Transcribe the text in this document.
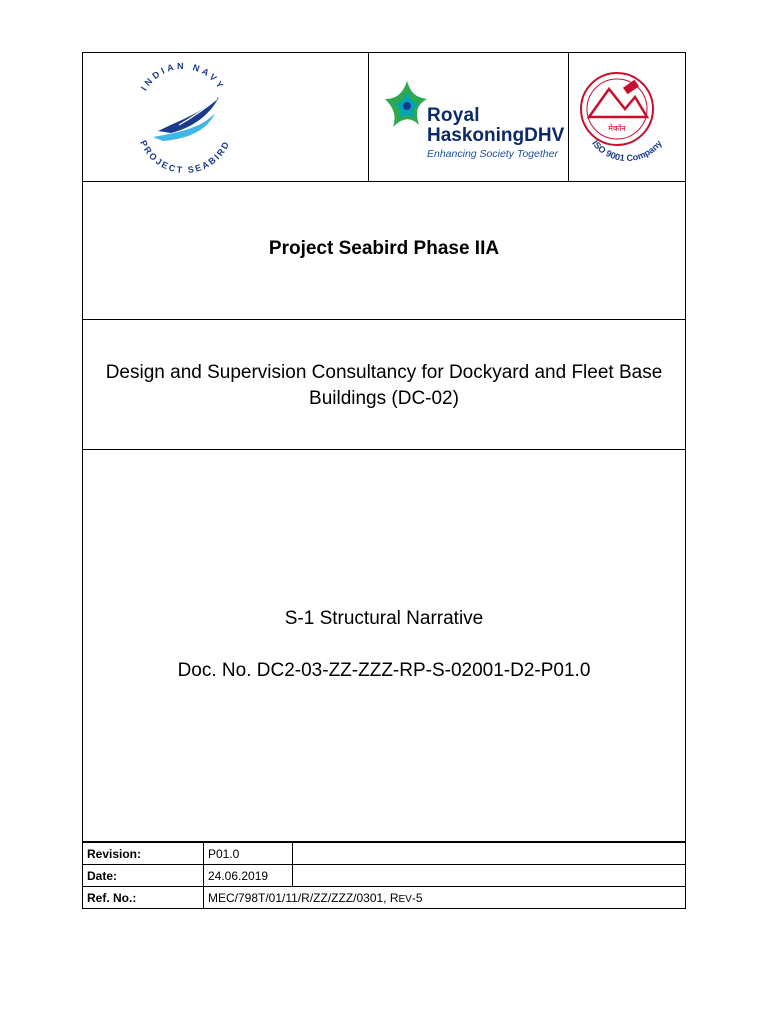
INDIAN NAVY
PROJECT SEABIRD
Royal
HaskoningDHV
Enhancing Society Together
मेकॉन
ISO 9001 Company
Project Seabird Phase IIA
Design and Supervision Consultancy for Dockyard and Fleet Base Buildings (DC-02)
S-1 Structural Narrative
Doc. No. DC2-03-ZZ-ZZZ-RP-S-02001-D2-P01.0
Revision:	P01.0	
Date:	24.06.2019	
Ref. No.:	MEC/798T/01/11/R/ZZ/ZZZ/0301, REV-5	
